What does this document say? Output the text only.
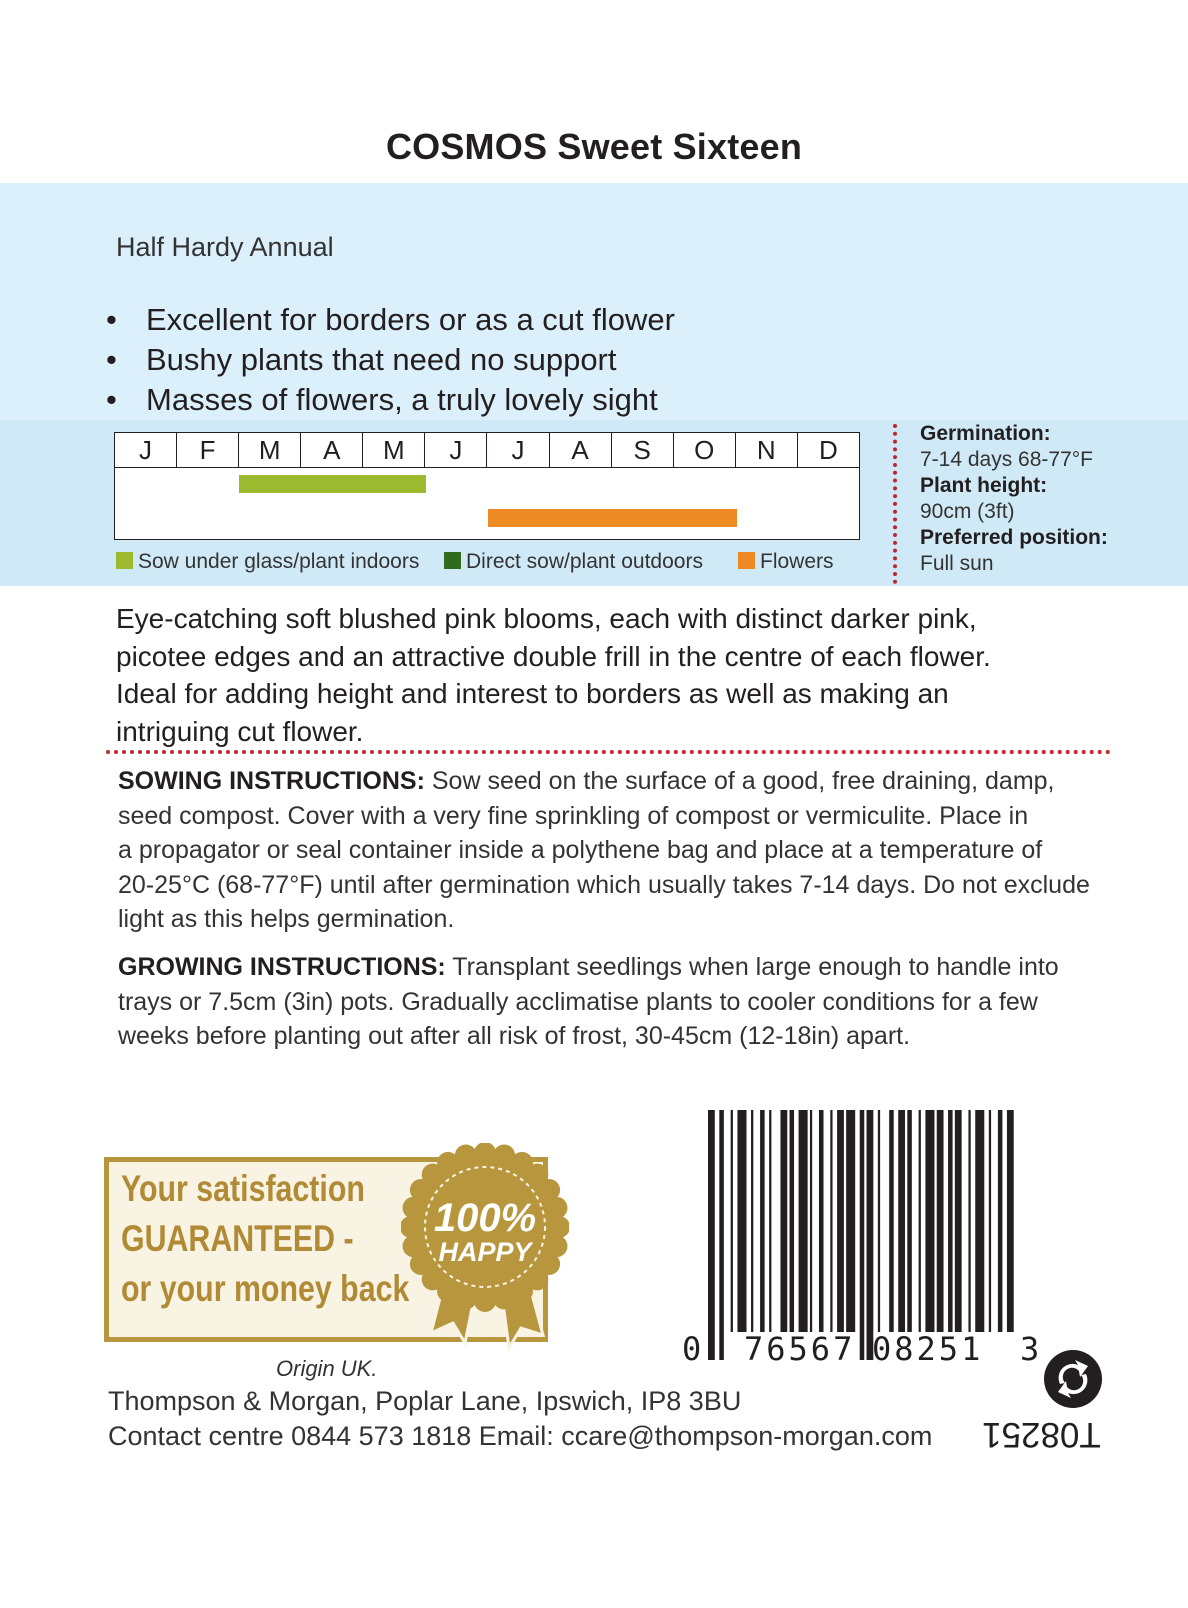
COSMOS Sweet Sixteen
Half Hardy Annual
• Excellent for borders or as a cut flower
• Bushy plants that need no support
• Masses of flowers, a truly lovely sight
J	F	M	A	M	J	J	A	S	O	N	D
Sow under glass/plant indoors	Direct sow/plant outdoors	Flowers
Germination:
7-14 days 68-77°F
Plant height:
90cm (3ft)
Preferred position:
Full sun
Eye-catching soft blushed pink blooms, each with distinct darker pink,
picotee edges and an attractive double frill in the centre of each flower.
Ideal for adding height and interest to borders as well as making an
intriguing cut flower.
SOWING INSTRUCTIONS: Sow seed on the surface of a good, free draining, damp,
seed compost. Cover with a very fine sprinkling of compost or vermiculite. Place in
a propagator or seal container inside a polythene bag and place at a temperature of
20-25°C (68-77°F) until after germination which usually takes 7-14 days. Do not exclude
light as this helps germination.
GROWING INSTRUCTIONS: Transplant seedlings when large enough to handle into
trays or 7.5cm (3in) pots. Gradually acclimatise plants to cooler conditions for a few
weeks before planting out after all risk of frost, 30-45cm (12-18in) apart.
Your satisfaction
GUARANTEED -
or your money back
100%
HAPPY
0 76567 08251 3
Origin UK.
Thompson & Morgan, Poplar Lane, Ipswich, IP8 3BU
Contact centre 0844 573 1818 Email: ccare@thompson-morgan.com T08251
